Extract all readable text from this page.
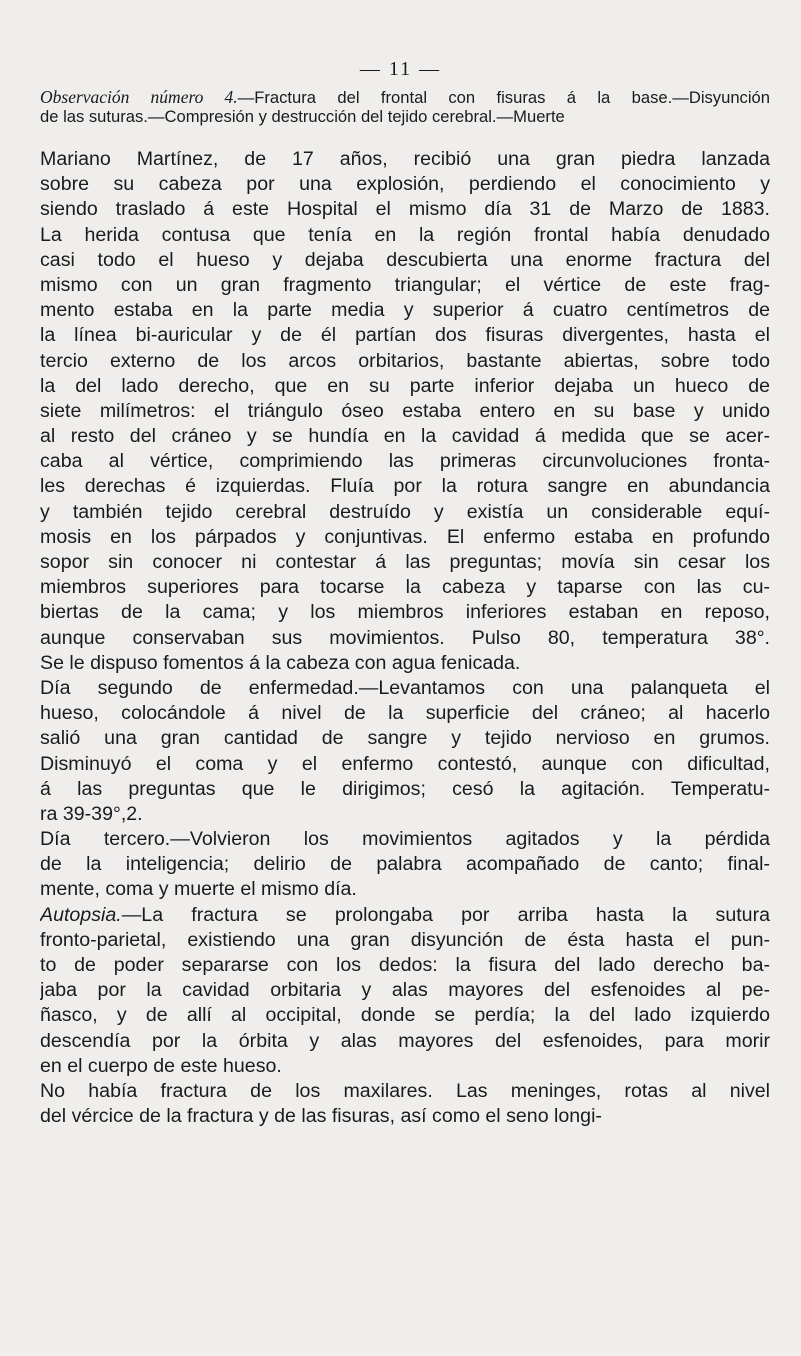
— 11 —
Observación número 4.—Fractura del frontal con fisuras á la base.—Disyunción
de las suturas.—Compresión y destrucción del tejido cerebral.—Muerte
Mariano Martínez, de 17 años, recibió una gran piedra lanzada
sobre su cabeza por una explosión, perdiendo el conocimiento y
siendo traslado á este Hospital el mismo día 31 de Marzo de 1883.
La herida contusa que tenía en la región frontal había denudado
casi todo el hueso y dejaba descubierta una enorme fractura del
mismo con un gran fragmento triangular; el vértice de este frag-
mento estaba en la parte media y superior á cuatro centímetros de
la línea bi-auricular y de él partían dos fisuras divergentes, hasta el
tercio externo de los arcos orbitarios, bastante abiertas, sobre todo
la del lado derecho, que en su parte inferior dejaba un hueco de
siete milímetros: el triángulo óseo estaba entero en su base y unido
al resto del cráneo y se hundía en la cavidad á medida que se acer-
caba al vértice, comprimiendo las primeras circunvoluciones fronta-
les derechas é izquierdas. Fluía por la rotura sangre en abundancia
y también tejido cerebral destruído y existía un considerable equí-
mosis en los párpados y conjuntivas. El enfermo estaba en profundo
sopor sin conocer ni contestar á las preguntas; movía sin cesar los
miembros superiores para tocarse la cabeza y taparse con las cu-
biertas de la cama; y los miembros inferiores estaban en reposo,
aunque conservaban sus movimientos. Pulso 80, temperatura 38°.
Se le dispuso fomentos á la cabeza con agua fenicada.
Día segundo de enfermedad.—Levantamos con una palanqueta el
hueso, colocándole á nivel de la superficie del cráneo; al hacerlo
salió una gran cantidad de sangre y tejido nervioso en grumos.
Disminuyó el coma y el enfermo contestó, aunque con dificultad,
á las preguntas que le dirigimos; cesó la agitación. Temperatu-
ra 39-39°,2.
Día tercero.—Volvieron los movimientos agitados y la pérdida
de la inteligencia; delirio de palabra acompañado de canto; final-
mente, coma y muerte el mismo día.
Autopsia.—La fractura se prolongaba por arriba hasta la sutura
fronto-parietal, existiendo una gran disyunción de ésta hasta el pun-
to de poder separarse con los dedos: la fisura del lado derecho ba-
jaba por la cavidad orbitaria y alas mayores del esfenoides al pe-
ñasco, y de allí al occipital, donde se perdía; la del lado izquierdo
descendía por la órbita y alas mayores del esfenoides, para morir
en el cuerpo de este hueso.
No había fractura de los maxilares. Las meninges, rotas al nivel
del vércice de la fractura y de las fisuras, así como el seno longi-
